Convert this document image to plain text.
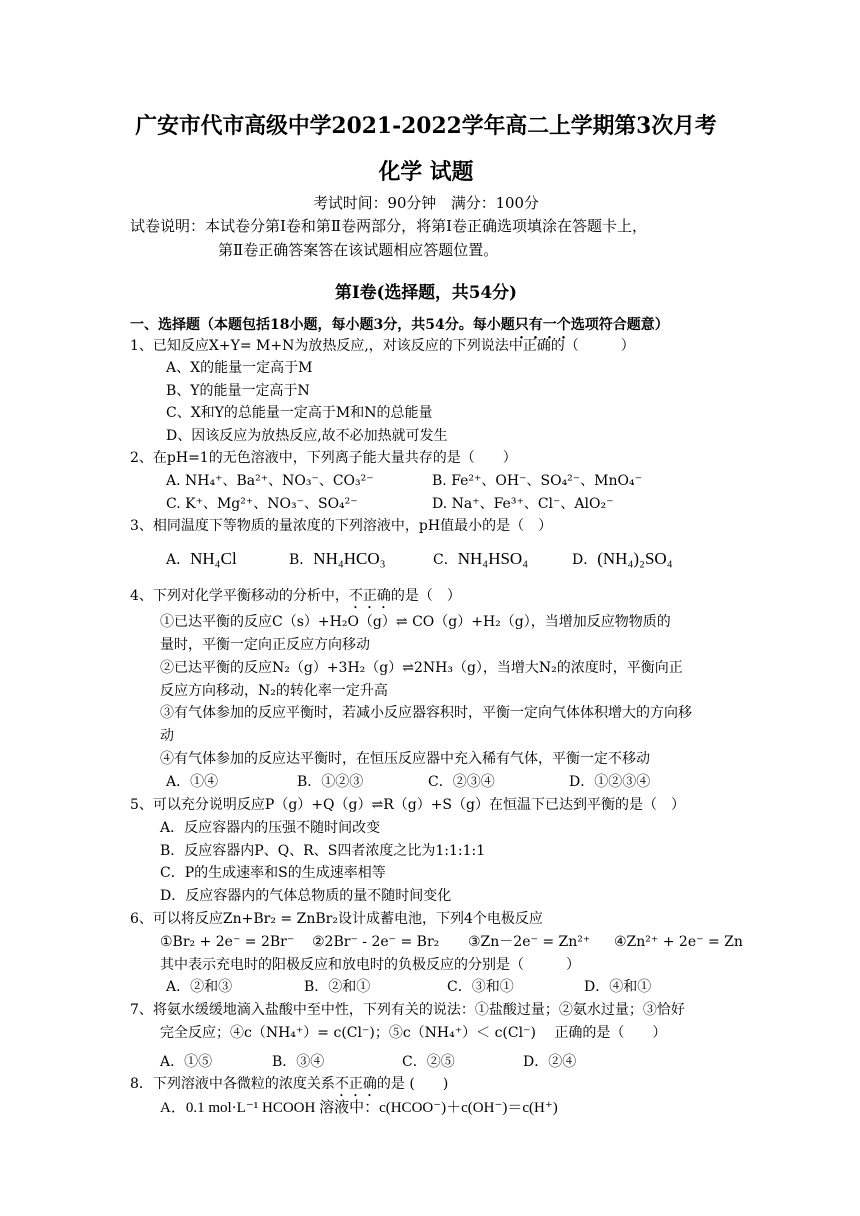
广安市代市高级中学2021-2022学年高二上学期第3次月考
化学 试题
考试时间：90分钟　满分：100分
试卷说明：本试卷分第Ⅰ卷和第Ⅱ卷两部分，将第Ⅰ卷正确选项填涂在答题卡上，
第Ⅱ卷正确答案答在该试题相应答题位置。
第Ⅰ卷(选择题，共54分)
一、选择题（本题包括18小题，每小题3分，共54分。每小题只有一个选项符合题意）
1、已知反应X+Y= M+N为放热反应,，对该反应的下列说法中正确的（　　　）
A、X的能量一定高于M
B、Y的能量一定高于N
C、X和Y的总能量一定高于M和N的总能量
D、因该反应为放热反应,故不必加热就可发生
2、在pH=1的无色溶液中，下列离子能大量共存的是（　　）
A. NH₄⁺、Ba²⁺、NO₃⁻、CO₃²⁻	B. Fe²⁺、OH⁻、SO₄²⁻、MnO₄⁻
C. K⁺、Mg²⁺、NO₃⁻、SO₄²⁻	D. Na⁺、Fe³⁺、Cl⁻、AlO₂⁻
3、相同温度下等物质的量浓度的下列溶液中，pH值最小的是（　）
A．NH₄Cl	B．NH₄HCO₃	C．NH₄HSO₄	D．(NH₄)₂SO₄
4、下列对化学平衡移动的分析中，不正确的是（　）
①已达平衡的反应C（s）+H₂O（g）⇌ CO（g）+H₂（g），当增加反应物物质的
量时，平衡一定向正反应方向移动
②已达平衡的反应N₂（g）+3H₂（g）⇌2NH₃（g），当增大N₂的浓度时，平衡向正
反应方向移动，N₂的转化率一定升高
③有气体参加的反应平衡时，若减小反应器容积时，平衡一定向气体体积增大的方向移
动
④有气体参加的反应达平衡时，在恒压反应器中充入稀有气体，平衡一定不移动
A．①④	B．①②③	C．②③④	D．①②③④
5、可以充分说明反应P（g）+Q（g）⇌R（g）+S（g）在恒温下已达到平衡的是（　）
A．反应容器内的压强不随时间改变
B．反应容器内P、Q、R、S四者浓度之比为1:1:1:1
C．P的生成速率和S的生成速率相等
D．反应容器内的气体总物质的量不随时间变化
6、可以将反应Zn+Br₂ = ZnBr₂设计成蓄电池，下列4个电极反应
①Br₂ + 2e⁻ = 2Br⁻ ②2Br⁻ - 2e⁻ = Br₂ ③Zn－2e⁻ = Zn²⁺ ④Zn²⁺ + 2e⁻ = Zn
其中表示充电时的阳极反应和放电时的负极反应的分别是（　　　）
A．②和③	B．②和①	C．③和①	D．④和①
7、将氨水缓缓地滴入盐酸中至中性，下列有关的说法：①盐酸过量；②氨水过量；③恰好
完全反应；④c（NH₄⁺）= c(Cl⁻)；⑤c（NH₄⁺）＜ c(Cl⁻)　 正确的是（　　）
A．①⑤	B．③④	C．②⑤	D．②④
8．下列溶液中各微粒的浓度关系不正确的是 (　　)
A．0.1 mol·L⁻¹ HCOOH 溶液中：c(HCOO⁻)＋c(OH⁻)＝c(H⁺)
